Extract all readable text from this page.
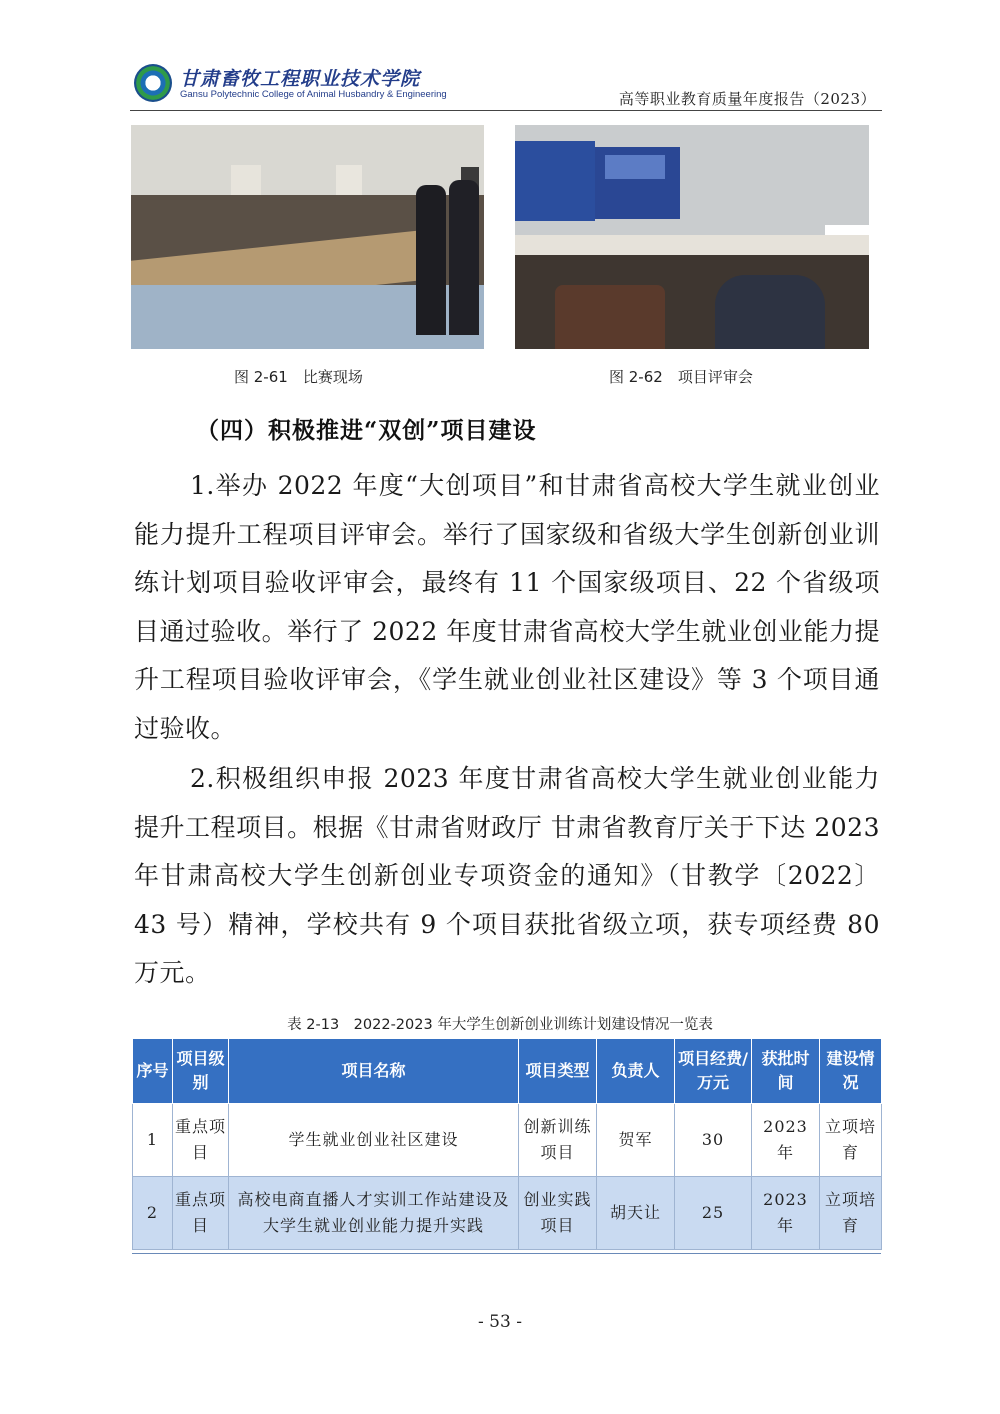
甘肃畜牧工程职业技术学院
Gansu Polytechnic College of Animal Husbandry & Engineering	高等职业教育质量年度报告（2023）
图 2-61　 比赛现场	图 2-62　 项目评审会
（四）积极推进“双创”项目建设
1.举办 2022 年度“大创项目”和甘肃省高校大学生就业创业能力提升工程项目评审会。举行了国家级和省级大学生创新创业训练计划项目验收评审会，最终有 11 个国家级项目、22 个省级项目通过验收。举行了 2022 年度甘肃省高校大学生就业创业能力提升工程项目验收评审会，《学生就业创业社区建设》等 3 个项目通过验收。
2.积极组织申报 2023 年度甘肃省高校大学生就业创业能力提升工程项目。根据《甘肃省财政厅 甘肃省教育厅关于下达 2023 年甘肃高校大学生创新创业专项资金的通知》（甘教学〔2022〕43 号）精神，学校共有 9 个项目获批省级立项，获专项经费 80 万元。
表 2-13　2022-2023 年大学生创新创业训练计划建设情况一览表
序号	项目级别	项目名称	项目类型	负责人	项目经费/万元	获批时间	建设情况
1	重点项目	学生就业创业社区建设	创新训练项目	贺军	30	2023 年	立项培育
2	重点项目	高校电商直播人才实训工作站建设及大学生就业创业能力提升实践	创业实践项目	胡天让	25	2023 年	立项培育
- 53 -
